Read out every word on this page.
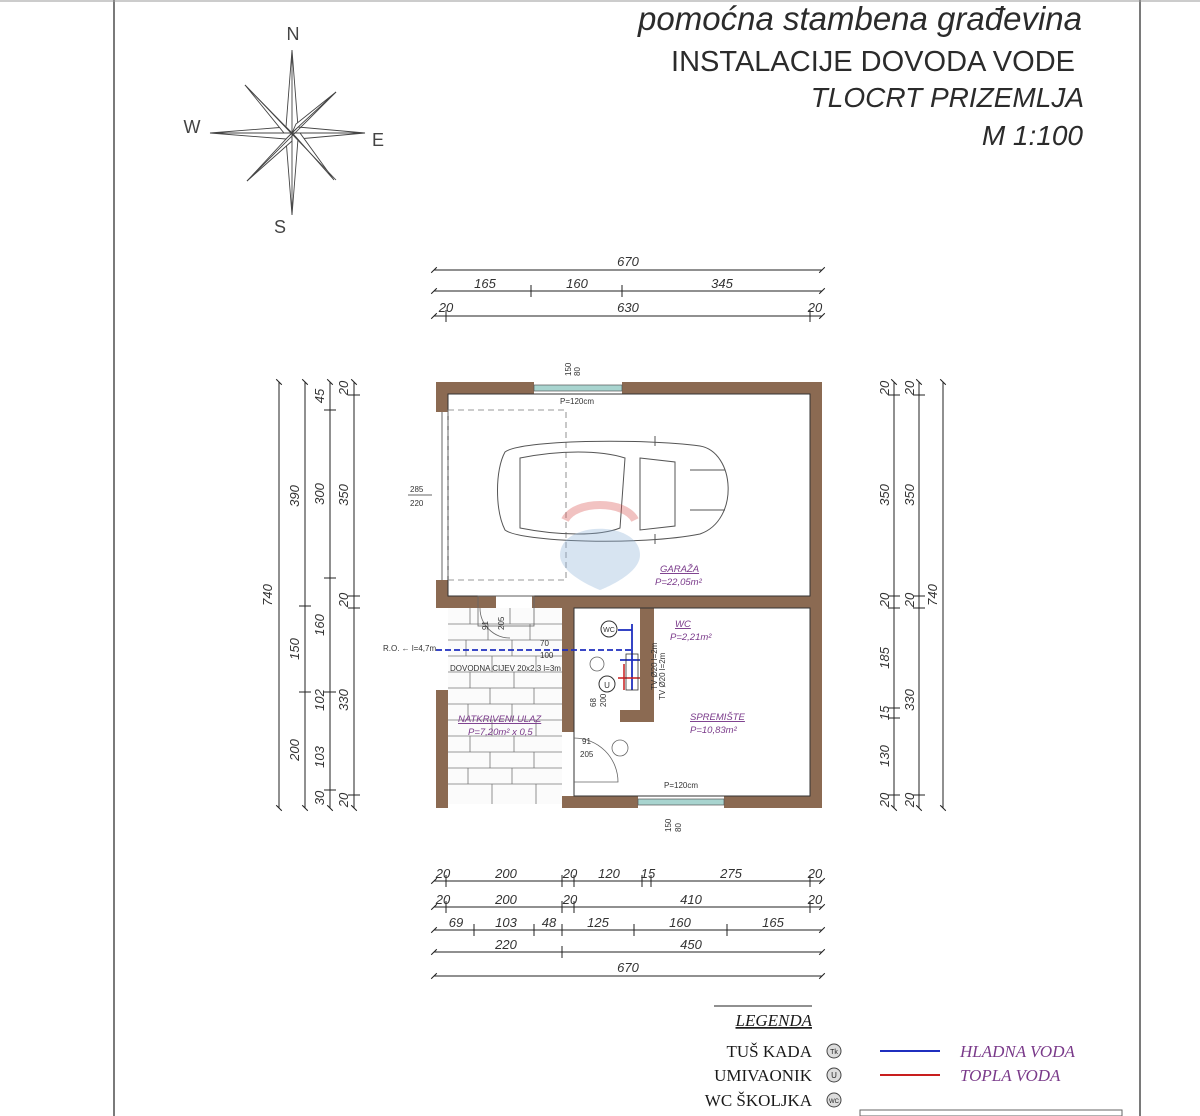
pomoćna stambena građevina
INSTALACIJE DOVODA VODE
TLOCRT PRIZEMLJA
M 1:100
N
S
E
W
670
165	160	345
20	630	20
740
390
150
200
45
300
160
102
103
30
20
350
20
330
20
20
350
20
185
15
130
20
20
350
20
330
20
740
P=120cm
P=120cm
150 80
150 80
285
220
GARAŽA
P=22,05m²
WC
P=2,21m²
SPREMIŠTE
P=10,83m²
NATKRIVENI ULAZ
P=7,20m² x 0,5
91 205
70
100
91
205
WC
U
68 200
TV Ø20 l=2m TV Ø20 l=2m
R.O. ← l=4,7m
DOVODNA CIJEV 20x2.3 l=3m
20	200	20 120 15	275	20
20	200	20	410	20
69 103 48 125	160	165
220	450
670
LEGENDA
TUŠ KADA	Tk
UMIVAONIK U
WC ŠKOLJKA	WC
HLADNA VODA
TOPLA VODA
